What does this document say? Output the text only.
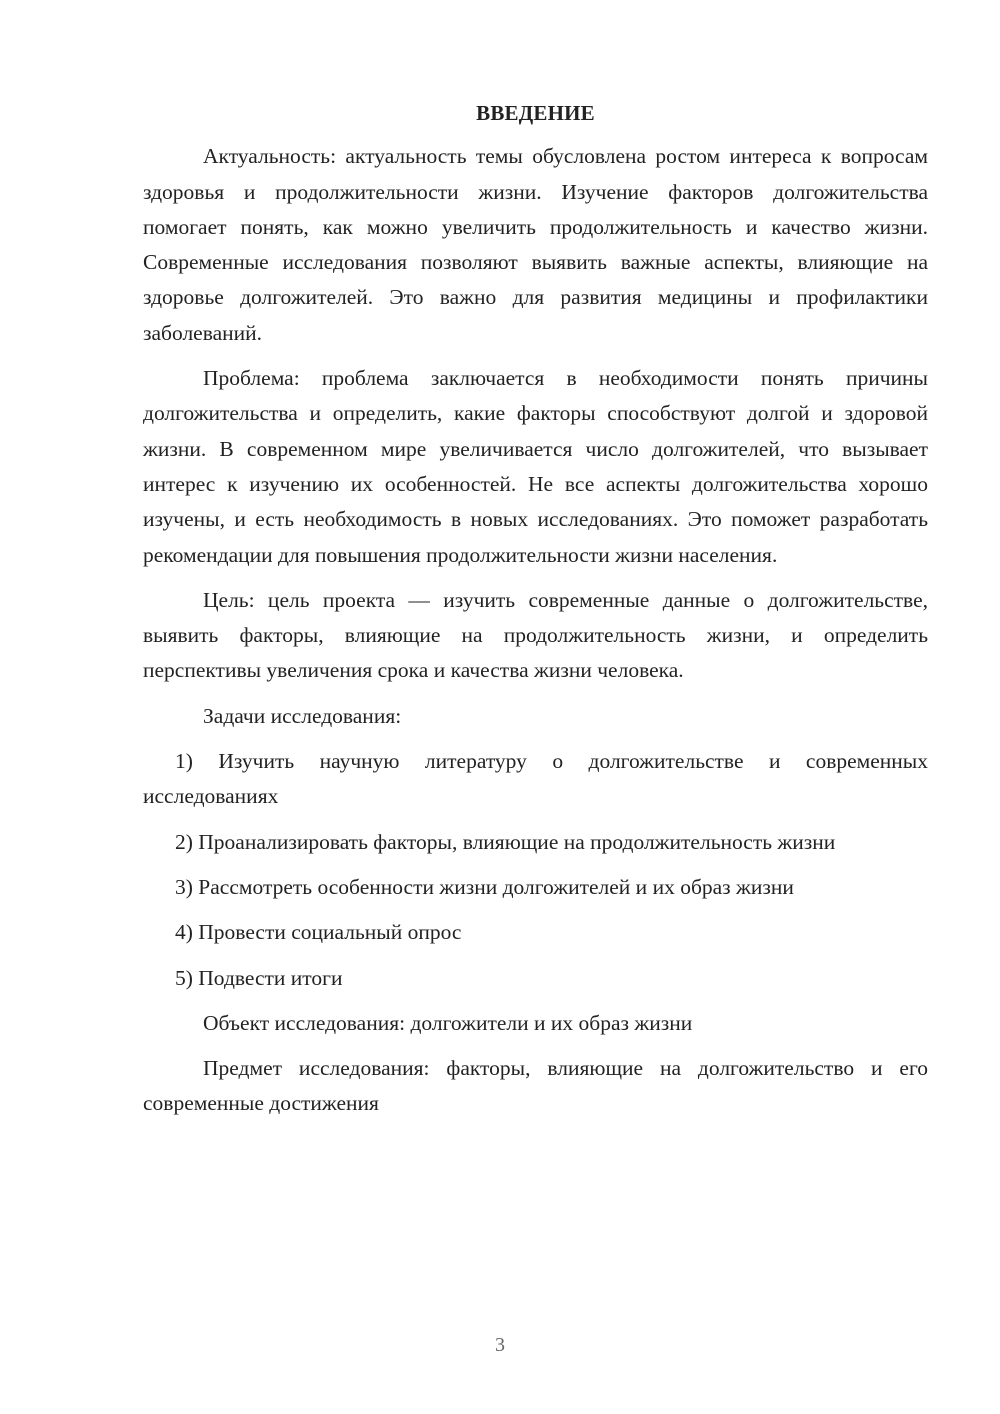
ВВЕДЕНИЕ

Актуальность: актуальность темы обусловлена ростом интереса к вопросам здоровья и продолжительности жизни. Изучение факторов долгожительства помогает понять, как можно увеличить продолжительность и качество жизни. Современные исследования позволяют выявить важные аспекты, влияющие на здоровье долгожителей. Это важно для развития медицины и профилактики заболеваний.

Проблема: проблема заключается в необходимости понять причины долгожительства и определить, какие факторы способствуют долгой и здоровой жизни. В современном мире увеличивается число долгожителей, что вызывает интерес к изучению их особенностей. Не все аспекты долгожительства хорошо изучены, и есть необходимость в новых исследованиях. Это поможет разработать рекомендации для повышения продолжительности жизни населения.

Цель: цель проекта — изучить современные данные о долгожительстве, выявить факторы, влияющие на продолжительность жизни, и определить перспективы увеличения срока и качества жизни человека.

Задачи исследования:

1) Изучить научную литературу о долгожительстве и современных исследованиях

2) Проанализировать факторы, влияющие на продолжительность жизни

3) Рассмотреть особенности жизни долгожителей и их образ жизни

4) Провести социальный опрос

5) Подвести итоги

Объект исследования: долгожители и их образ жизни

Предмет исследования: факторы, влияющие на долгожительство и его современные достижения

3
